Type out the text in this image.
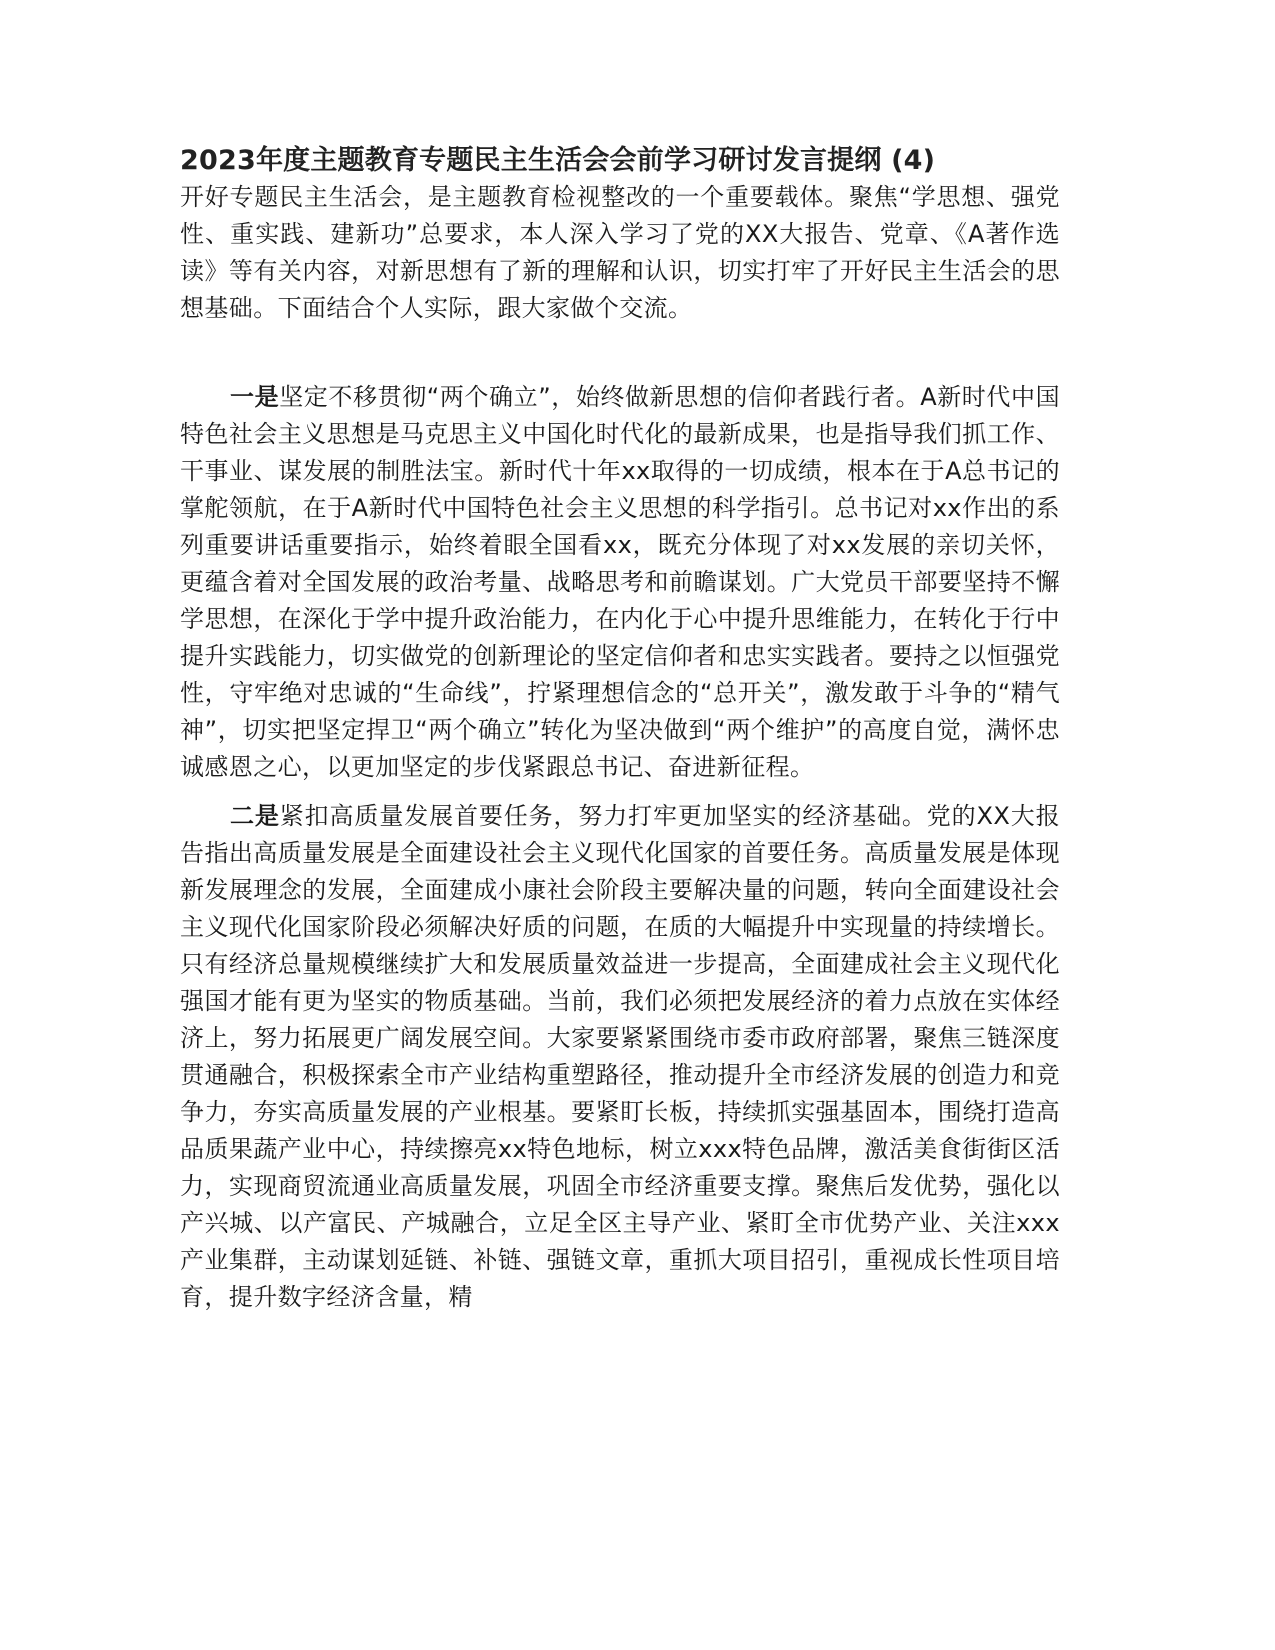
2023年度主题教育专题民主生活会会前学习研讨发言提纲 (4)

开好专题民主生活会，是主题教育检视整改的一个重要载体。聚焦“学思想、强党性、重实践、建新功”总要求，本人深入学习了党的XX大报告、党章、《A著作选读》等有关内容，对新思想有了新的理解和认识，切实打牢了开好民主生活会的思想基础。下面结合个人实际，跟大家做个交流。

一是坚定不移贯彻“两个确立”，始终做新思想的信仰者践行者。A新时代中国特色社会主义思想是马克思主义中国化时代化的最新成果，也是指导我们抓工作、干事业、谋发展的制胜法宝。新时代十年xx取得的一切成绩，根本在于A总书记的掌舵领航，在于A新时代中国特色社会主义思想的科学指引。总书记对xx作出的系列重要讲话重要指示，始终着眼全国看xx，既充分体现了对xx发展的亲切关怀，更蕴含着对全国发展的政治考量、战略思考和前瞻谋划。广大党员干部要坚持不懈学思想，在深化于学中提升政治能力，在内化于心中提升思维能力，在转化于行中提升实践能力，切实做党的创新理论的坚定信仰者和忠实实践者。要持之以恒强党性，守牢绝对忠诚的“生命线”，拧紧理想信念的“总开关”，激发敢于斗争的“精气神”，切实把坚定捍卫“两个确立”转化为坚决做到“两个维护”的高度自觉，满怀忠诚感恩之心，以更加坚定的步伐紧跟总书记、奋进新征程。

二是紧扣高质量发展首要任务，努力打牢更加坚实的经济基础。党的XX大报告指出高质量发展是全面建设社会主义现代化国家的首要任务。高质量发展是体现新发展理念的发展，全面建成小康社会阶段主要解决量的问题，转向全面建设社会主义现代化国家阶段必须解决好质的问题，在质的大幅提升中实现量的持续增长。只有经济总量规模继续扩大和发展质量效益进一步提高，全面建成社会主义现代化强国才能有更为坚实的物质基础。当前，我们必须把发展经济的着力点放在实体经济上，努力拓展更广阔发展空间。大家要紧紧围绕市委市政府部署，聚焦三链深度贯通融合，积极探索全市产业结构重塑路径，推动提升全市经济发展的创造力和竞争力，夯实高质量发展的产业根基。要紧盯长板，持续抓实强基固本，围绕打造高品质果蔬产业中心，持续擦亮xx特色地标，树立xxx特色品牌，激活美食街街区活力，实现商贸流通业高质量发展，巩固全市经济重要支撑。聚焦后发优势，强化以产兴城、以产富民、产城融合，立足全区主导产业、紧盯全市优势产业、关注xxx产业集群，主动谋划延链、补链、强链文章，重抓大项目招引，重视成长性项目培育，提升数字经济含量，精
